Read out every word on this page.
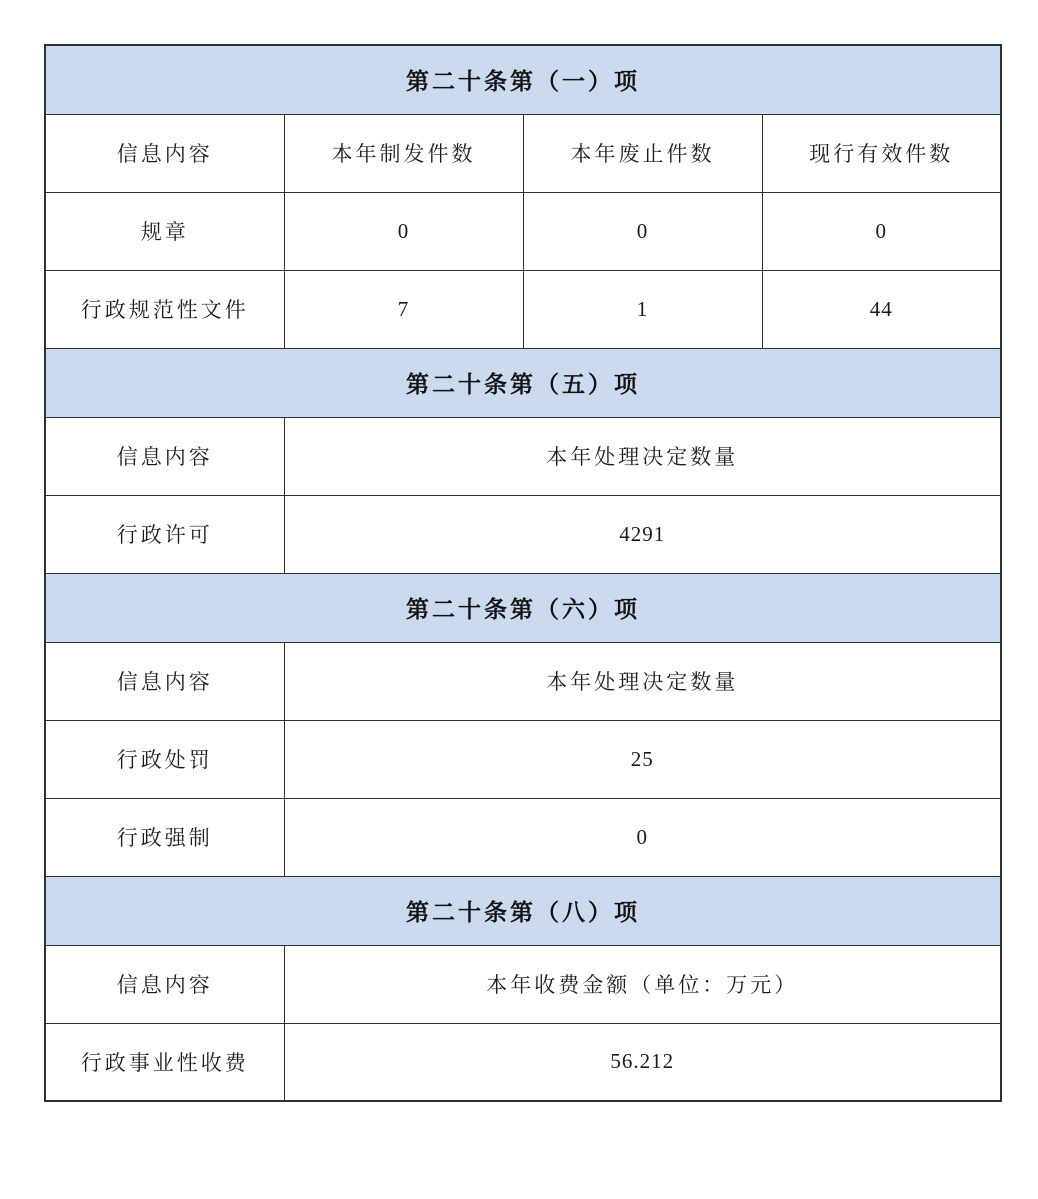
第二十条第（一）项			
信息内容	本年制发件数	本年废止件数	现行有效件数
规章	0	0	0
行政规范性文件	7	1	44
第二十条第（五）项			
信息内容	本年处理决定数量		
行政许可	4291		
第二十条第（六）项			
信息内容	本年处理决定数量		
行政处罚	25		
行政强制	0		
第二十条第（八）项			
信息内容	本年收费金额（单位：万元）		
行政事业性收费	56.212		
